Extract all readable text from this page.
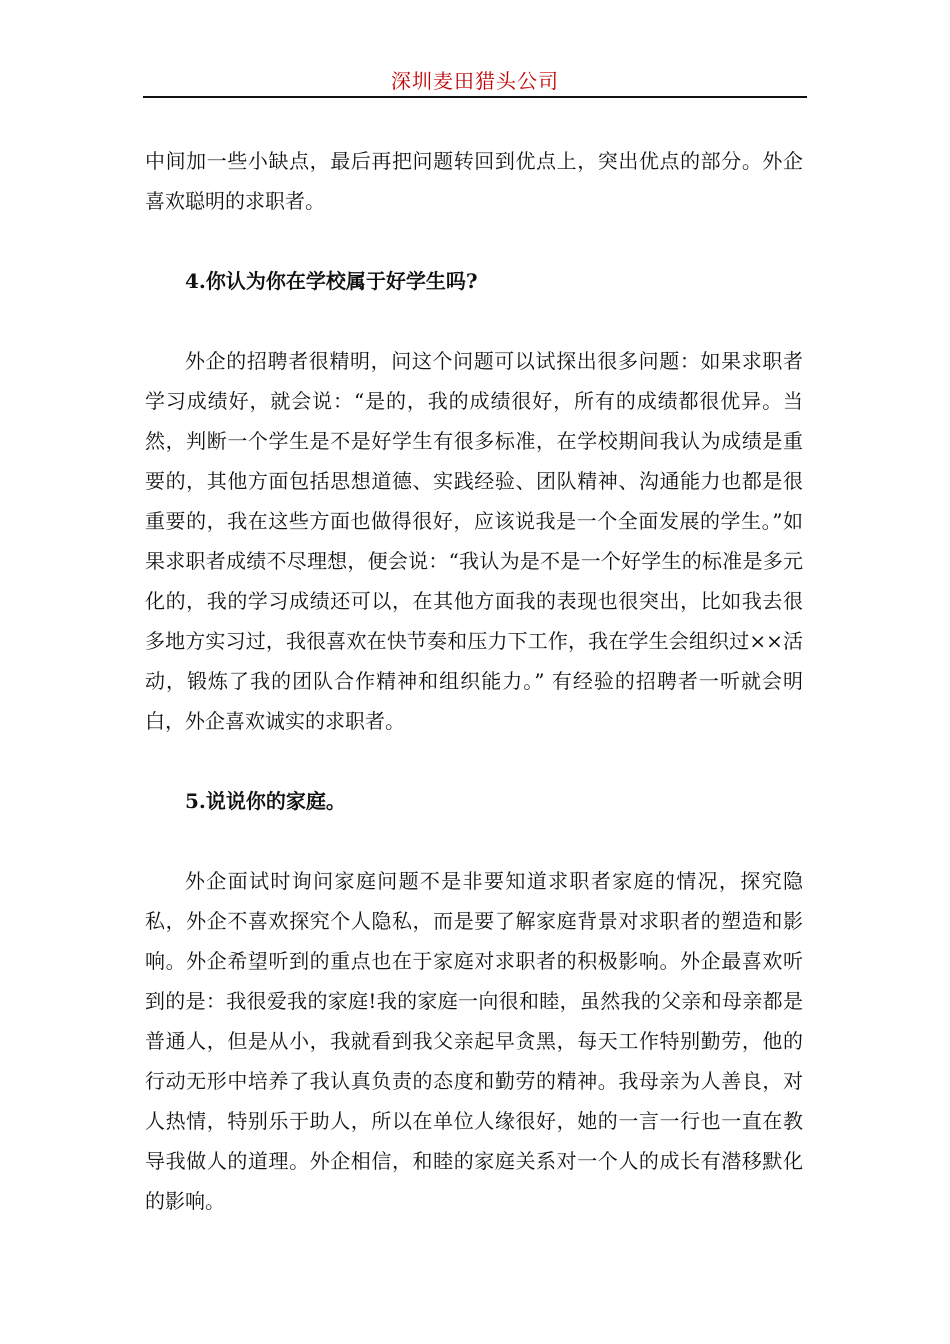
深圳麦田猎头公司

中间加一些小缺点，最后再把问题转回到优点上，突出优点的部分。外企喜欢聪明的求职者。

4.你认为你在学校属于好学生吗?

外企的招聘者很精明，问这个问题可以试探出很多问题：如果求职者学习成绩好，就会说：“是的，我的成绩很好，所有的成绩都很优异。当然，判断一个学生是不是好学生有很多标准，在学校期间我认为成绩是重要的，其他方面包括思想道德、实践经验、团队精神、沟通能力也都是很重要的，我在这些方面也做得很好，应该说我是一个全面发展的学生。”如果求职者成绩不尽理想，便会说：“我认为是不是一个好学生的标准是多元化的，我的学习成绩还可以，在其他方面我的表现也很突出，比如我去很多地方实习过，我很喜欢在快节奏和压力下工作，我在学生会组织过××活动，锻炼了我的团队合作精神和组织能力。” 有经验的招聘者一听就会明白，外企喜欢诚实的求职者。

5.说说你的家庭。

外企面试时询问家庭问题不是非要知道求职者家庭的情况，探究隐私，外企不喜欢探究个人隐私，而是要了解家庭背景对求职者的塑造和影响。外企希望听到的重点也在于家庭对求职者的积极影响。外企最喜欢听到的是：我很爱我的家庭!我的家庭一向很和睦，虽然我的父亲和母亲都是普通人，但是从小，我就看到我父亲起早贪黑，每天工作特别勤劳，他的行动无形中培养了我认真负责的态度和勤劳的精神。我母亲为人善良，对人热情，特别乐于助人，所以在单位人缘很好，她的一言一行也一直在教导我做人的道理。外企相信，和睦的家庭关系对一个人的成长有潜移默化的影响。
